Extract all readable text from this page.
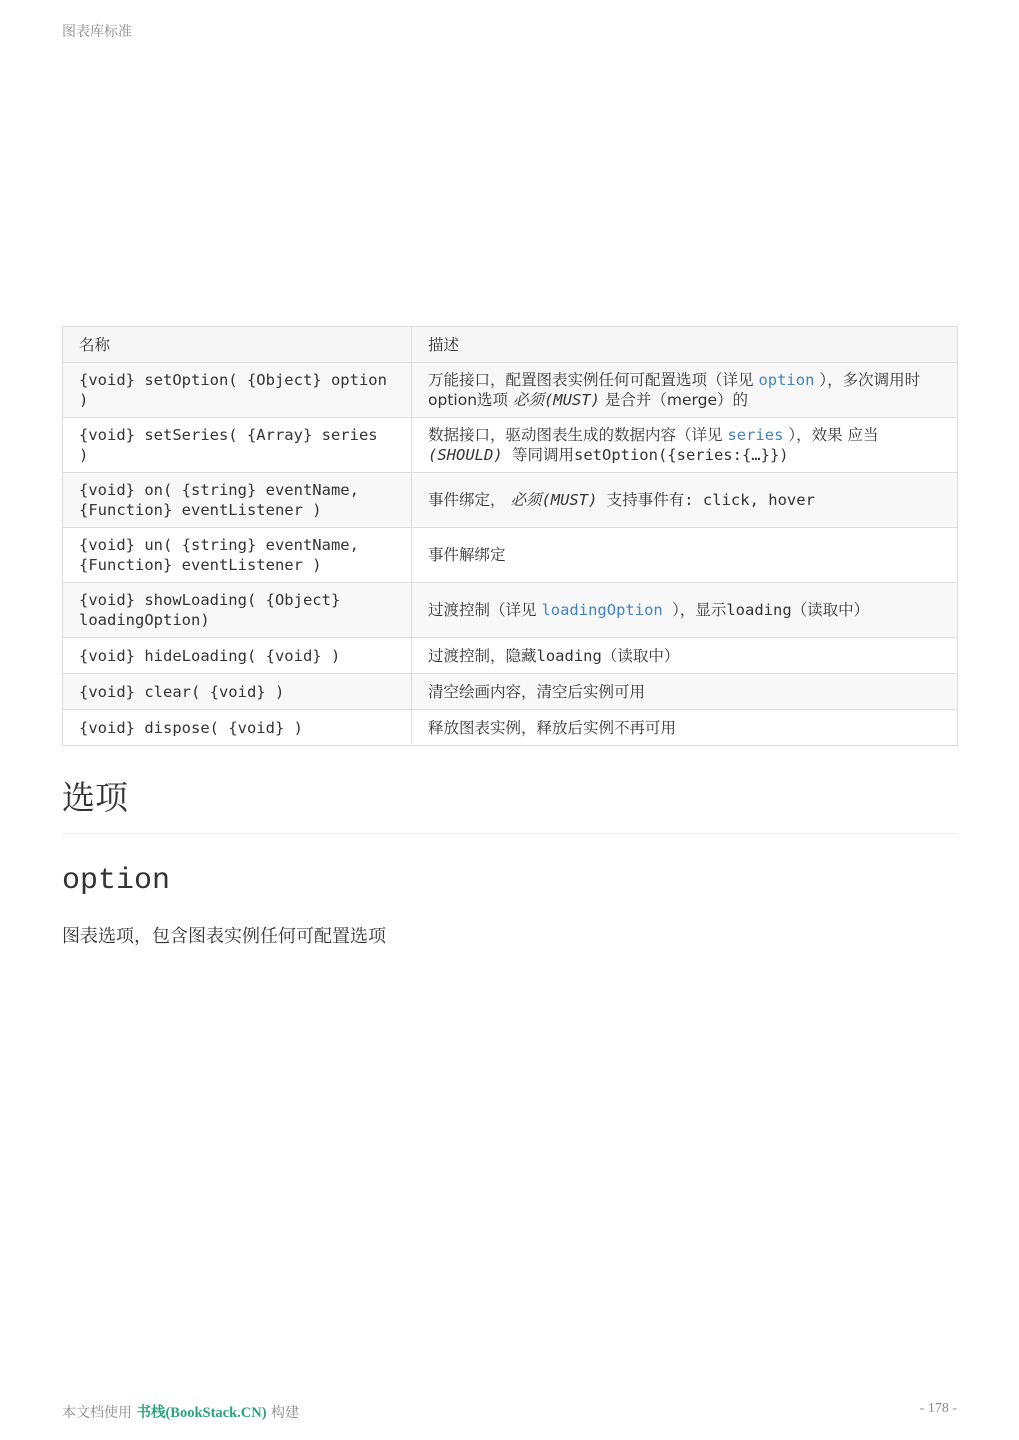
图表库标准
名称	描述
{void} setOption( {Object} option )	万能接口，配置图表实例任何可配置选项（详见 option ），多次调用时option选项 必须(MUST) 是合并（merge）的
{void} setSeries( {Array} series )	数据接口，驱动图表生成的数据内容（详见 series ），效果 应当(SHOULD) 等同调用setOption({series:{…}})
{void} on( {string} eventName, {Function} eventListener )	事件绑定， 必须(MUST) 支持事件有: click, hover
{void} un( {string} eventName, {Function} eventListener )	事件解绑定
{void} showLoading( {Object} loadingOption)	过渡控制（详见 loadingOption ），显示loading（读取中）
{void} hideLoading( {void} )	过渡控制，隐藏loading（读取中）
{void} clear( {void} )	清空绘画内容，清空后实例可用
{void} dispose( {void} )	释放图表实例，释放后实例不再可用
选项
option

图表选项，包含图表实例任何可配置选项

本文档使用 书栈(BookStack.CN) 构建	- 178 -
